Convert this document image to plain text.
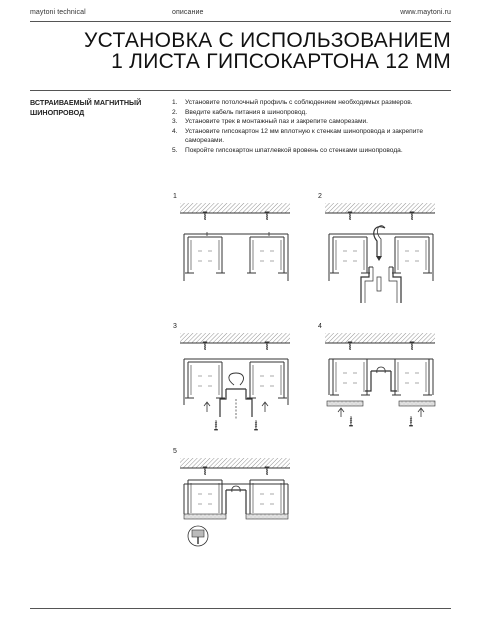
maytoni technical	описание	www.maytoni.ru
УСТАНОВКА С ИСПОЛЬЗОВАНИЕМ
1 ЛИСТА ГИПСОКАРТОНА 12 ММ
ВСТРАИВАЕМЫЙ МАГНИТНЫЙ
ШИНОПРОВОД
1. Установите потолочный профиль с соблюдением необходимых размеров.
2. Введите кабель питания в шинопровод.
3. Установите трек в монтажный паз и закрепите саморезами.
4. Установите гипсокартон 12 мм вплотную к стенкам шинопровода и закрепите саморезами.
5. Покройте гипсокартон шпатлевкой вровень со стенками шинопровода.
1	2
3	4
5
